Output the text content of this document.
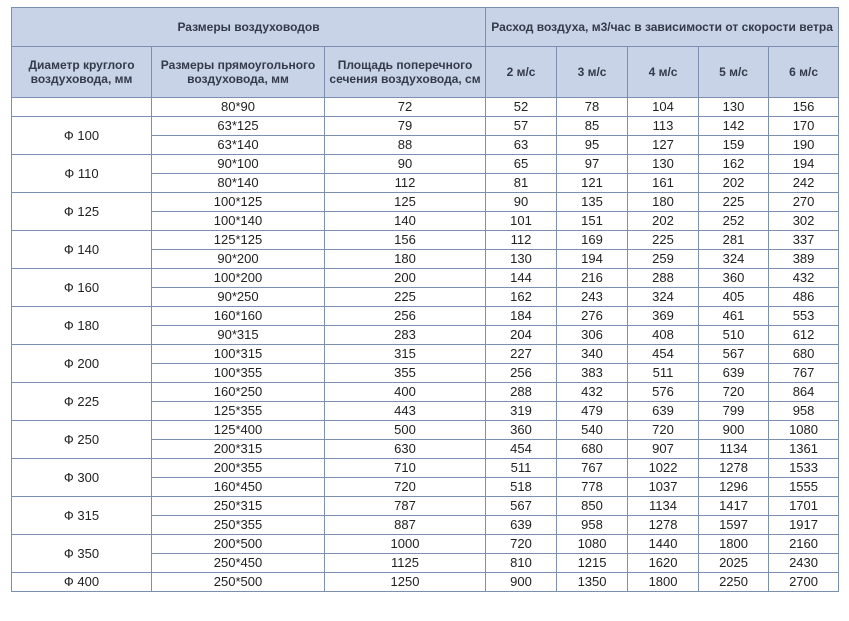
Размеры воздуховодов			Расход воздуха, м3/час в зависимости от скорости ветра				
Диаметр круглого воздуховода, мм	Размеры прямоугольного воздуховода, мм	Площадь поперечного сечения воздуховода, см	2 м/с	3 м/с	4 м/с	5 м/с	6 м/с
	80*90	72	52	78	104	130	156
Ф 100	63*125	79	57	85	113	142	170
	63*140	88	63	95	127	159	190
Ф 110	90*100	90	65	97	130	162	194
	80*140	112	81	121	161	202	242
Ф 125	100*125	125	90	135	180	225	270
	100*140	140	101	151	202	252	302
Ф 140	125*125	156	112	169	225	281	337
	90*200	180	130	194	259	324	389
Ф 160	100*200	200	144	216	288	360	432
	90*250	225	162	243	324	405	486
Ф 180	160*160	256	184	276	369	461	553
	90*315	283	204	306	408	510	612
Ф 200	100*315	315	227	340	454	567	680
	100*355	355	256	383	511	639	767
Ф 225	160*250	400	288	432	576	720	864
	125*355	443	319	479	639	799	958
Ф 250	125*400	500	360	540	720	900	1080
	200*315	630	454	680	907	1134	1361
Ф 300	200*355	710	511	767	1022	1278	1533
	160*450	720	518	778	1037	1296	1555
Ф 315	250*315	787	567	850	1134	1417	1701
	250*355	887	639	958	1278	1597	1917
Ф 350	200*500	1000	720	1080	1440	1800	2160
	250*450	1125	810	1215	1620	2025	2430
Ф 400	250*500	1250	900	1350	1800	2250	2700
